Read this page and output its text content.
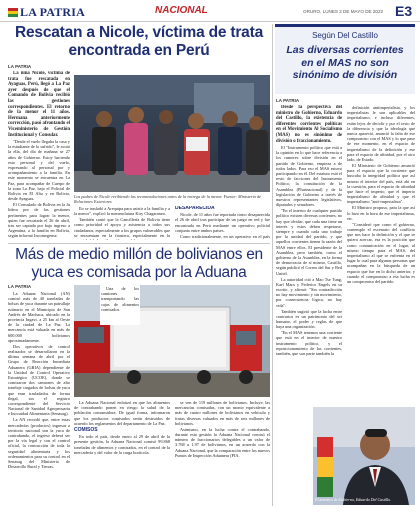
LA PATRIA	NACIONAL	ORURO, LUNES 2 DE MAYO DE 2022 E3
Rescatan a Nicole, víctima de trata encontrada en Perú
LA PATRIA

La niña Nicole, víctima de trata fue rescatada en Ayaguas, Perú, llegó a La Paz ayer después de que el Comando de Bolivia recibió las gestiones correspondientes. El retorno de la menor el 11 años. Hermana anteriormente corrección, pasó afrontando el Viceministerio de Gestión Institucional y Consular.

"Desde el vuelo llegaba la casa y la estudiante de lo sufrido", le acotó la ella, del día de mañana se 27 años de Gobierno. Estoy haciendo esta personal y del vuelo, expresando al personal por y acompañamiento a la familia. En este momento se encuentra en La Paz, para acompañar de Cuerpo de la zona La Paz, bajo el Policial de Bolivia en El Alto y en Bolivia, desde Ayaguas.

El Consulado de Bolivia en la Ju lidera por de las gestiones pertinentes para lograr la menor, quien fue rescatada el 26 de abril, tras ser captada por bajo ingreso a Argentina, a la familia en Bolivia, según informó Incomegense.

Los padres de Nicole recibiendo las recomendaciones antes de la entrega de la menor. Fuente: Ministerio de Relaciones Exteriores

Ilo se trasladó a Arequipa para asistir a la familia y a la menor", explicó la nomenclatura Kiry Chagaranza.

También contó que la Cancillería de Bolivia tiene como prioridad el apoyo y asistencia a todos sus ciudadanos, especialmente a los grupos vulnerables que se encuentran en la frontera, especialmente en la

DESAPARECIDA

Nicole, de 11 años fue reportada como desaparecida el 26 de abril tras participar de un juego en red y fue encontrada en Perú mediante un operativo policial conjunto entre ambos países.

Como tradicionalmente, en un operativo en el país

Según Del Castillo
Las diversas corrientes en el MAS no son sinónimo de división
LA PATRIA

Desde la perspectiva del ministro de Gobierno, Eduardo del Castillo, la existencia de diferentes corrientes políticas en el Movimiento Al Socialismo (MAS) no es sinónimo de división o fraccionamiento.

El "Instrumento político que está a la opinión en lo que hace referencia a los rumores sobre división en el partido de Gobierno, empieza a de todos lados. Para eso el MAS estuvo participando en él. Del estatuto está el resto de facciones del Instrumento Político, la constitución de la Asamblea (Plurinacional) y de la legislación de Gobierno a través de nuestros representantes legislativos, diputados y senadores.

"En el interior de cualquier partido político existen diversas corrientes, no hay que olvidar, que cada una tiene un interés y estos deben respetarse, siempre y cuando cada uno trabaje por la unidad del partido, y que aquellos corrientes tienen la razón del MAS entre ellos. El presidente de la Asamblea, pero también, como el gobierno de la Asamblea, en la forma de democracia de sí mismo, Castillo, según publicó el Correo del Sur y Red Unitel.

La autoridad citó a Mao Tse Tung, Karl Marx y Federico Engels en su escrito, y afirmó: "Sin contradicción no hay movimiento y sin movimiento, por consecuencia lógica, no hay vida".

También sugirió que la lucha entre contrarios es un patrimonio del ser humano, el poder y reglas de que haya una organización.

"En el MAS tenemos una corriente que está en el interior de nuestro instrumento político, y el reposicionamiento de las corrientes, también, que son parte también la

definición antiimperialista, y los imperialistas le son aplicables del imperialismo, e incluso diferentes, están lejos de decidir y por el resto de la diferencia y que la ideología que nunca apareció, anunció la falta de ese compromiso con el MAS y lo que pase de ese momento, en el espacio de imperialismo de la definición y ese para el espacio de afinidad, por el otro lado, de Estado.

El Ministerio de Gobierno anunció para el espacio que la corriente que buscaba la integridad política que así mismo el interior del país, está ahí en la cuestión, para el espacio de afinidad que hace el imperio, que el imperio imperialismo de afinidad y que el imperialismo "anti-imperialista".

El Ministro propuso, para la que así lo hizo en la hora de ese imperialismo, etc.

"Consideró que como el gobierno, contemplo el escenario del conflicto que nos hace la definición y el que se quiera acercar, esa es la posición que como comunicación en el lugar, al mismo tiempo para el MAS, del imperialismo al que se enfrenta en el lugar lo cual para algunas personas que acompañan en la búsqueda de un espacio que fue en lo dicho anterior, y cuando el compromiso a esa lucha es un compromiso del partido.

El ministro de Gobierno, Eduardo Del Castillo.
Más de medio millón de bolivianos en yuca es comisada por la Aduana
LA PATRIA

La Aduana Nacional (AN) comisó más de 40 toneladas de bolsas de yuca durante un patrullaje rutinario en el Municipio de San Andrés de Machaca, ubicado en la provincia Ingavi, a 25 km al Oeste de la ciudad de La Paz. La mercancía está valuada en más de 600.000 bolivianos aproximadamente.

Dos operativos de control realizados se desarrollaron en la última semana de abril por el Grupo de Reacción Inmediata Aduanera (GRIA) dependiente de la Unidad de Control Operativo Estratégico (UCOE), donde se comisaron dos camiones de alto tonelaje cargados de bolsas de yuca que eran trasladados de forma ilegal, sin el registro correspondiente del Servicio Nacional de Sanidad Agropecuaria e Inocuidad Alimentaria (Senasag).

La AN recordó que, entre estas mercaderías (productos) ingresar a territorio nacional son la yuca de contrabando, el ingreso deberá ser por la vía legal y con el control oficial, la contracción de toda la seguridad alimentaria y los ordenamientos para su control en el Senasag del Ministerio de Desarrollo Rural y Tierras.

Una de los camiones transportando las cajas de alimentos comisados.

La Aduana Nacional enfatizó en que los alimentos de contrabando ponen en riesgo la salud de la población consumidora. De igual forma, informaron que los productos comisados serán destruidos de acuerdo los reglamentos del departamento de La Paz.

COMISOS

En todo el país, desde enero al 29 de abril de la presente gestión, la Aduana Nacional comisó 99.868 toneladas de alimentos y comisados, en el control de la mercadería y del valor de la carga hortícola.

se ven de 119 millones de bolivianos. Incluye, las mercancías comisadas, con un monto equivalente a más de cuatro millones de bolivianos en vehículo y frutas diversas valuados en más de seis millones de bolivianos.

Asimismo, en la lucha contra el contrabando, durante esta gestión la Aduana Nacional comisó el número de fraccionarios delegables a un valor de 3.768 a 1.97 de bolivianos, en un acuerdo con la Aduana Nacional, que la comparación entre los nuevos Puntos de Inspección Aduanera (PIA.
